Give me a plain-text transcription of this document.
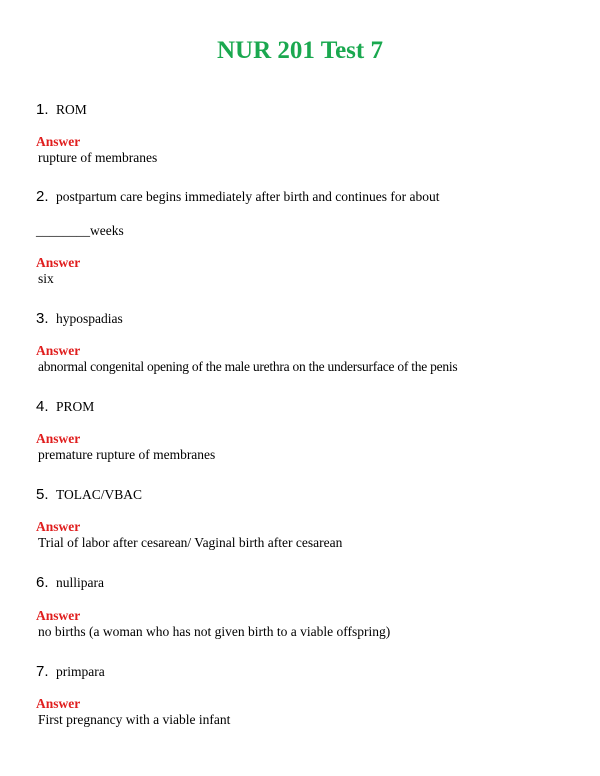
NUR 201 Test 7
1. ROM
Answer
rupture of membranes
2. postpartum care begins immediately after birth and continues for about
________weeks
Answer
six
3. hypospadias
Answer
abnormal congenital opening of the male urethra on the undersurface of the penis
4. PROM
Answer
premature rupture of membranes
5. TOLAC/VBAC
Answer
Trial of labor after cesarean/ Vaginal birth after cesarean
6. nullipara
Answer
no births (a woman who has not given birth to a viable offspring)
7. primpara
Answer
First pregnancy with a viable infant
